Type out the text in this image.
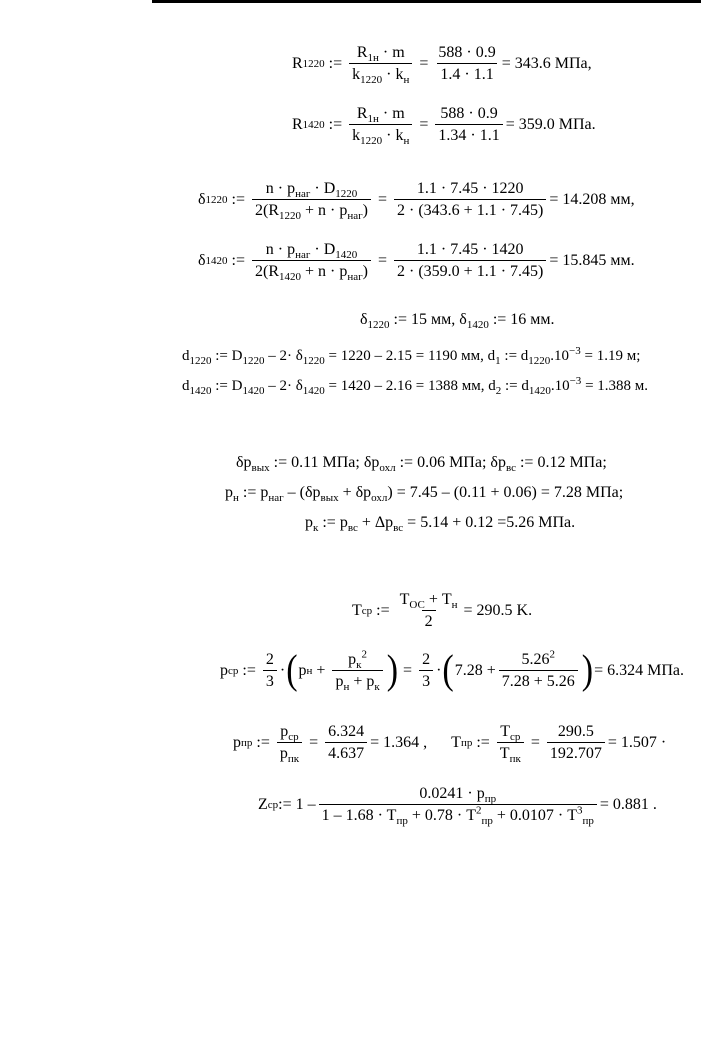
R 1220 := $\frac{R_{1н} \cdot m}{k_{1220} \cdot k_н} = \frac{588 \cdot 0.9}{1.4 \cdot 1.1} = 343.6$ МПа,
R 1420 := $\frac{R_{1н} \cdot m}{k_{1220} \cdot k_н} = \frac{588 \cdot 0.9}{1.34 \cdot 1.1} = 359.0$ МПа.
δ 1220 := $\frac{n \cdot p_{наг} \cdot D_{1220}}{2(R_{1220} + n \cdot p_{наг})} = \frac{1.1 \cdot 7.45 \cdot 1220}{2 \cdot (343.6 + 1.1 \cdot 7.45)} = 14.208$ мм,
δ 1420 := $\frac{n \cdot p_{наг} \cdot D_{1420}}{2(R_{1420} + n \cdot p_{наг})} = \frac{1.1 \cdot 7.45 \cdot 1420}{2 \cdot (359.0 + 1.1 \cdot 7.45)} = 15.845$ мм.
$\delta_{1220}$ := 15 мм, $\delta_{1420}$ := 16 мм.
$d_{1220}$ := $D_{1220} - 2\cdot \delta_{1220} = 1220 - 2.15 = 1190$ мм, $d_1$ := $d_{1220}.10^{-3} = 1.19$ м;
$d_{1420}$ := $D_{1420} - 2\cdot \delta_{1420} = 1420 - 2.16 = 1388$ мм, $d_2$ := $d_{1420}.10^{-3} = 1.388$ м.
$\delta p_{вых}$ := 0.11 МПа; $\delta p_{охл}$ := 0.06 МПа; $\delta p_{вс}$ := 0.12 МПа;
$p_н$ := $p_{наг} - (\delta p_{вых} + \delta p_{охл}) = 7.45 - (0.11 + 0.06) = 7.28$ МПа;
$p_к$ := $p_{вс} + \Delta p_{вс} = 5.14 + 0.12 =5.26$ МПа.
T ср := $\frac{T_{ОС} + T_н}{2} = 290.5$ K.
p ср := $\frac{2}{3}$ · ( p $н + \frac{p_к^2}{p_н + p_к}$ ) = $\frac{2}{3}$ · ( $7.28 + \frac{5.26^2}{7.28 + 5.26}$ ) = 6.324 МПа.
p пр := $\frac{p_{ср}}{p_{пк}} = \frac{6.324}{4.637} = 1.364$ , T пр := $\frac{T_{ср}}{T_{пк}} = \frac{290.5}{192.707} = 1.507$ ·
Z ср := $1 - \frac{0.0241 \cdot p_{пр}}{1 - 1.68 \cdot T_{пр} + 0.78 \cdot T^2_{пр} + 0.0107 \cdot T^3_{пр}} = 0.881$ .
